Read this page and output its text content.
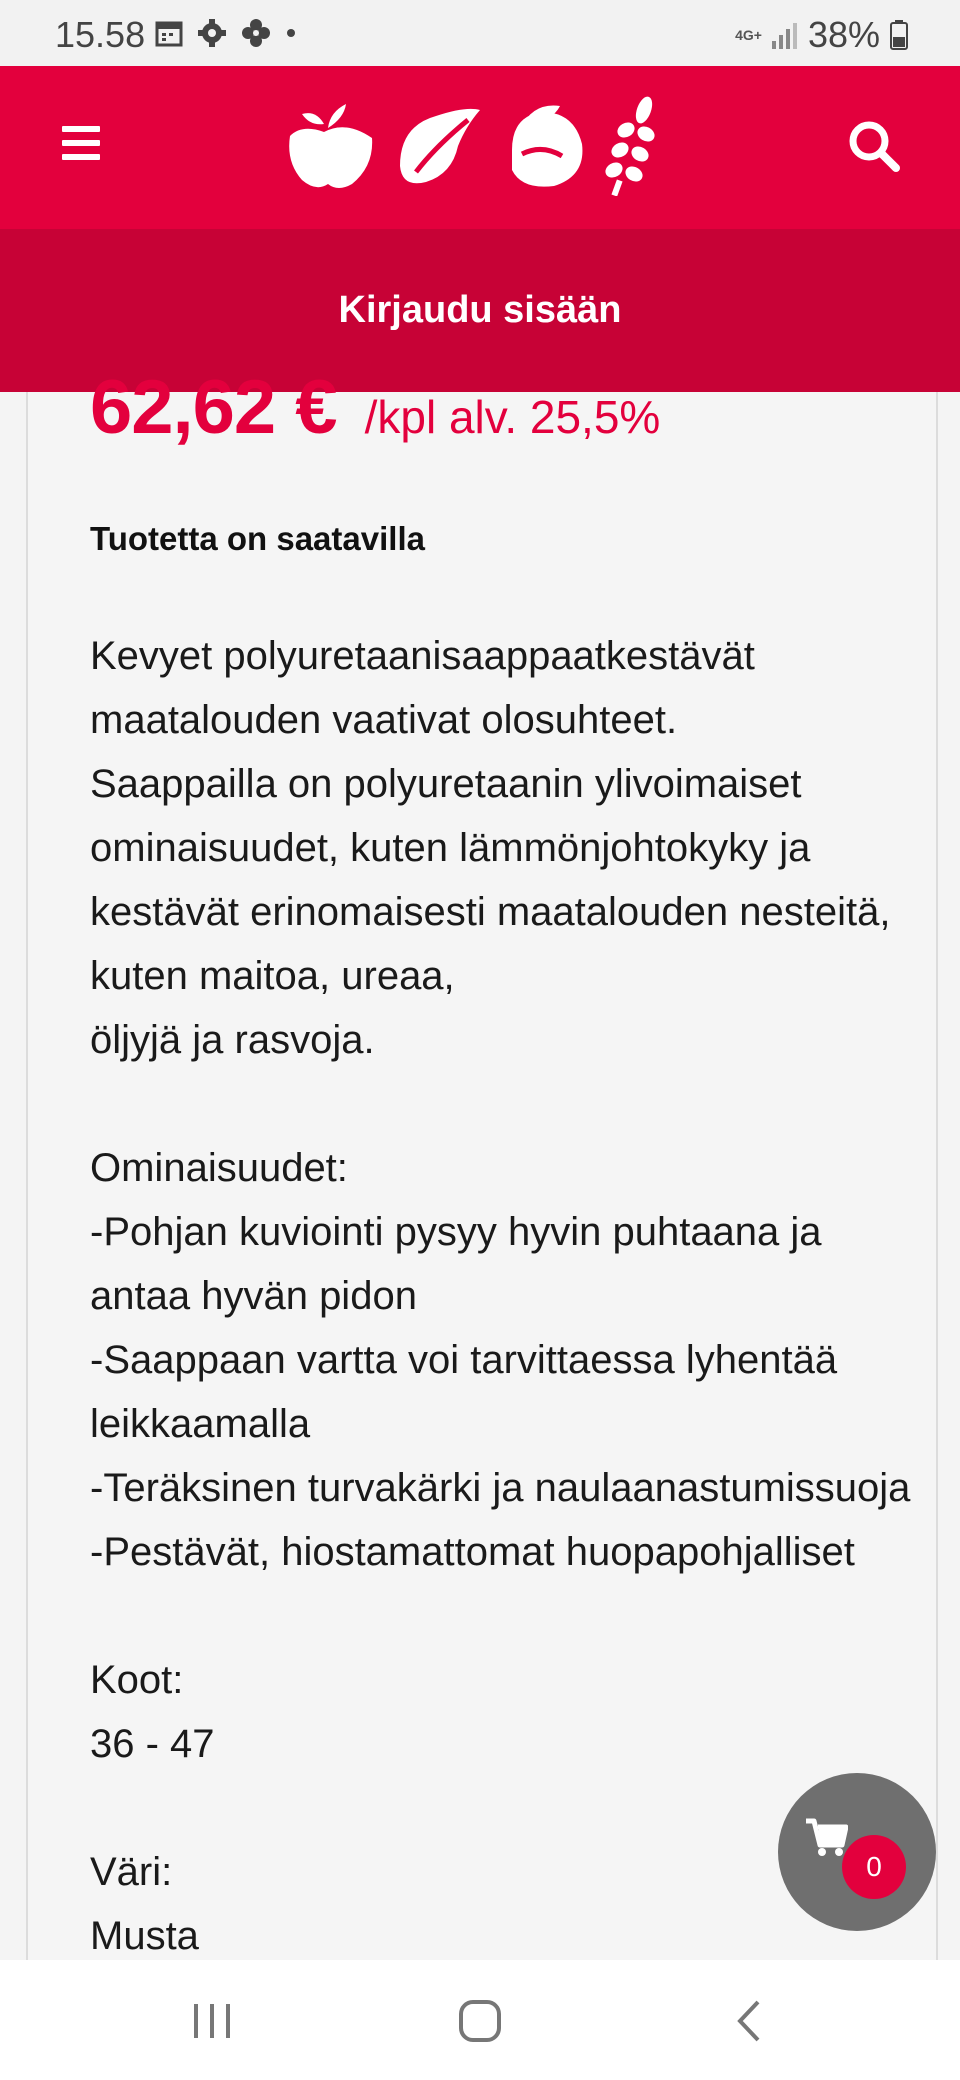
15.58	4G+ 38%
Kirjaudu sisään
62,62 € /kpl alv. 25,5%
Tuotetta on saatavilla
Kevyet polyuretaanisaappaatkestävät
maatalouden vaativat olosuhteet.
Saappailla on polyuretaanin ylivoimaiset
ominaisuudet, kuten lämmönjohtokyky ja
kestävät erinomaisesti maatalouden nesteitä,
kuten maitoa, ureaa,
öljyjä ja rasvoja.

Ominaisuudet:
-Pohjan kuviointi pysyy hyvin puhtaana ja
antaa hyvän pidon
-Saappaan vartta voi tarvittaessa lyhentää
leikkaamalla
-Teräksinen turvakärki ja naulaanastumissuoja
-Pestävät, hiostamattomat huopapohjalliset

Koot:
36 - 47

Väri:
Musta
0
